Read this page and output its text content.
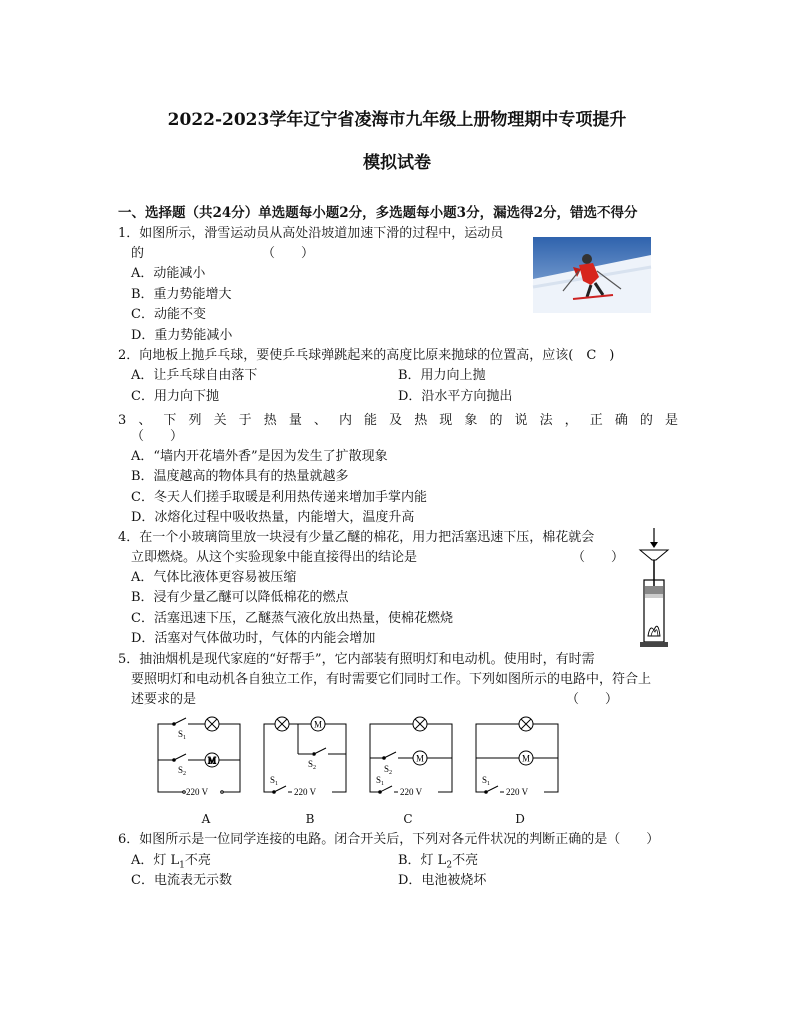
2022-2023学年辽宁省凌海市九年级上册物理期中专项提升
模拟试卷
一、选择题（共24分）单选题每小题2分，多选题每小题3分，漏选得2分，错选不得分
1．如图所示，滑雪运动员从高处沿坡道加速下滑的过程中，运动员
的	（　　）
A．动能减小
B．重力势能增大
C．动能不变
D．重力势能减小
2．向地板上抛乒乓球，要使乒乓球弹跳起来的高度比原来抛球的位置高，应该(　C　)
A．让乒乓球自由落下	B．用力向上抛
C．用力向下抛	D．沿水平方向抛出
3、下列关于热量、内能及热现象的说法，正确的是
（　　）
A．“墙内开花墙外香”是因为发生了扩散现象
B．温度越高的物体具有的热量就越多
C．冬天人们搓手取暖是利用热传递来增加手掌内能
D．冰熔化过程中吸收热量，内能增大，温度升高
4．在一个小玻璃筒里放一块浸有少量乙醚的棉花，用力把活塞迅速下压，棉花就会
立即燃烧。从这个实验现象中能直接得出的结论是	（　　）
A．气体比液体更容易被压缩
B．浸有少量乙醚可以降低棉花的燃点
C．活塞迅速下压，乙醚蒸气液化放出热量，使棉花燃烧
D．活塞对气体做功时，气体的内能会增加
5．抽油烟机是现代家庭的“好帮手”，它内部装有照明灯和电动机。使用时，有时需
要照明灯和电动机各自独立工作，有时需要它们同时工作。下列如图所示的电路中，符合上
述要求的是	（　　）
M
$S_1$
$S_2$
220 V
$S_2$
$S_1$
220 V
$S_2$
$S_1$
220 V
$S_1$
220 V
A	B	C	D
6．如图所示是一位同学连接的电路。闭合开关后，下列对各元件状况的判断正确的是（　　）
A．灯 $L_1$不亮	B．灯 $L_2$不亮
C．电流表无示数	D．电池被烧坏
